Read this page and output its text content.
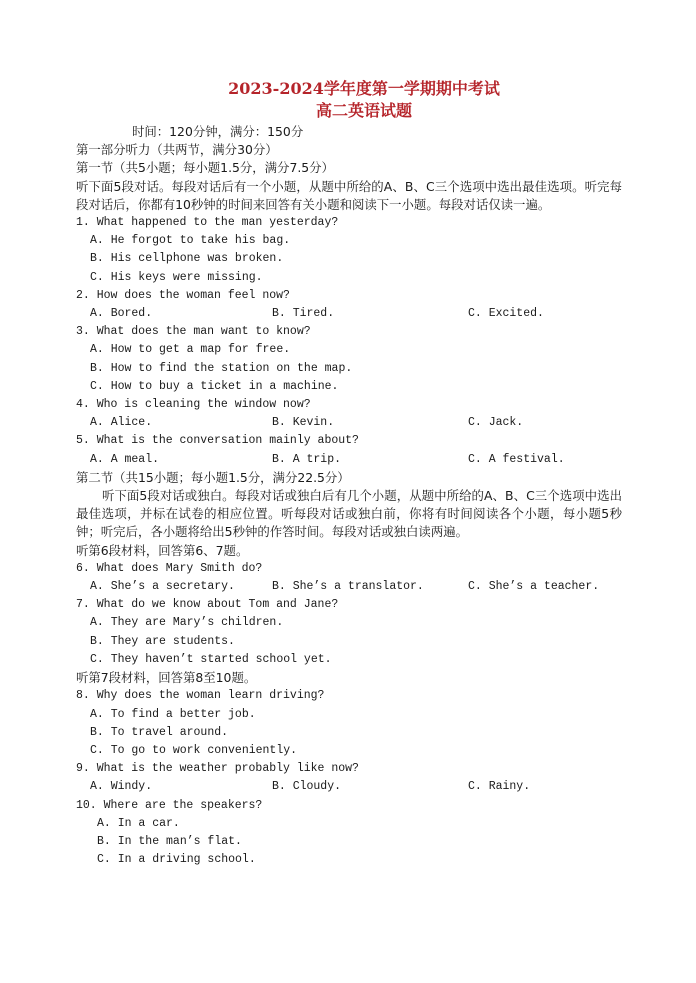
2023-2024学年度第一学期期中考试
高二英语试题
时间：120分钟，满分：150分
第一部分听力（共两节，满分30分）
第一节（共5小题；每小题1.5分，满分7.5分）
听下面5段对话。每段对话后有一个小题，从题中所给的A、B、C三个选项中选出最佳选项。听完每段对话后，你都有10秒钟的时间来回答有关小题和阅读下一小题。每段对话仅读一遍。
1. What happened to the man yesterday?
A. He forgot to take his bag.
B. His cellphone was broken.
C. His keys were missing.
2. How does the woman feel now?
A. Bored.	B. Tired.	C. Excited.
3. What does the man want to know?
A. How to get a map for free.
B. How to find the station on the map.
C. How to buy a ticket in a machine.
4. Who is cleaning the window now?
A. Alice.	B. Kevin.	C. Jack.
5. What is the conversation mainly about?
A. A meal.	B. A trip.	C. A festival.
第二节（共15小题；每小题1.5分，满分22.5分）
听下面5段对话或独白。每段对话或独白后有几个小题，从题中所给的A、B、C三个选项中选出最佳选项，并标在试卷的相应位置。听每段对话或独白前，你将有时间阅读各个小题，每小题5秒钟；听完后，各小题将给出5秒钟的作答时间。每段对话或独白读两遍。
听第6段材料，回答第6、7题。
6. What does Mary Smith do?
A. She’s a secretary.	B. She’s a translator.	C. She’s a teacher.
7. What do we know about Tom and Jane?
A. They are Mary’s children.
B. They are students.
C. They haven’t started school yet.
听第7段材料，回答第8至10题。
8. Why does the woman learn driving?
A. To find a better job.
B. To travel around.
C. To go to work conveniently.
9. What is the weather probably like now?
A. Windy.	B. Cloudy.	C. Rainy.
10. Where are the speakers?
A. In a car.
B. In the man’s flat.
C. In a driving school.
